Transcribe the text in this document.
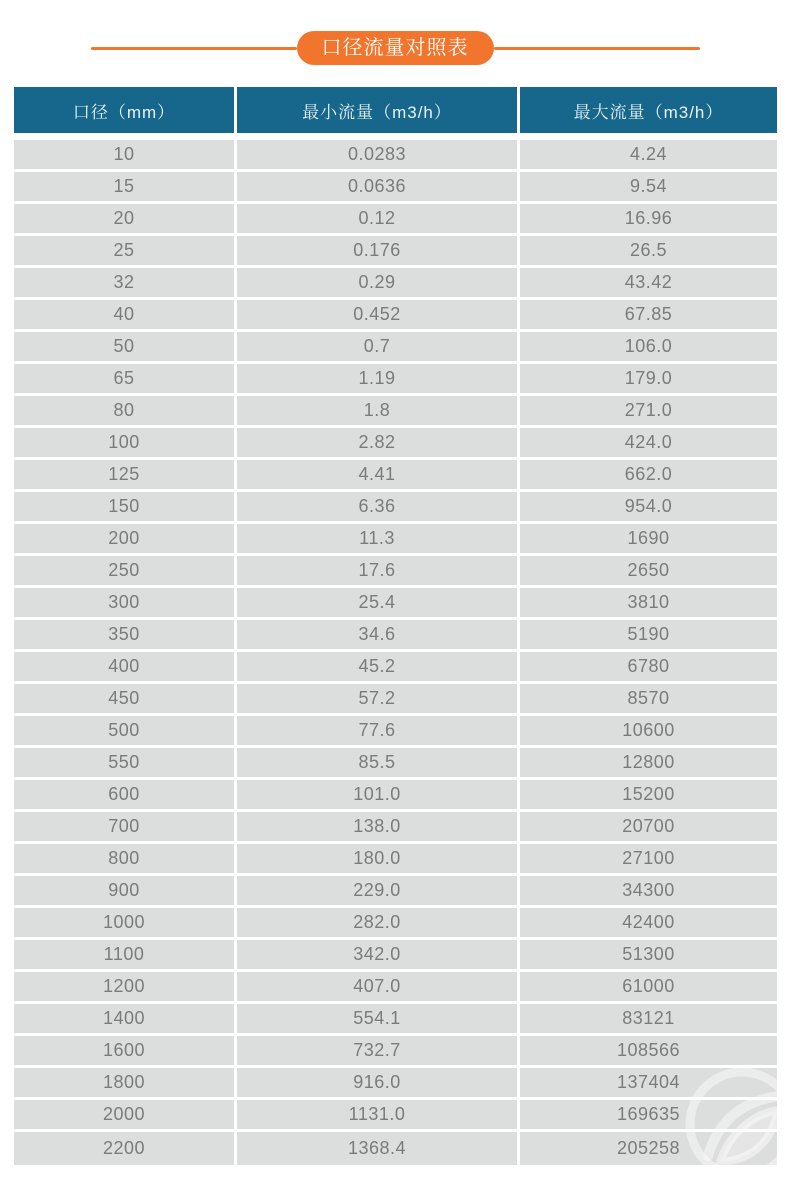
口径流量对照表
口径（mm）	最小流量（m3/h）	最大流量（m3/h）
10	0.0283	4.24
15	0.0636	9.54
20	0.12	16.96
25	0.176	26.5
32	0.29	43.42
40	0.452	67.85
50	0.7	106.0
65	1.19	179.0
80	1.8	271.0
100	2.82	424.0
125	4.41	662.0
150	6.36	954.0
200	11.3	1690
250	17.6	2650
300	25.4	3810
350	34.6	5190
400	45.2	6780
450	57.2	8570
500	77.6	10600
550	85.5	12800
600	101.0	15200
700	138.0	20700
800	180.0	27100
900	229.0	34300
1000	282.0	42400
1100	342.0	51300
1200	407.0	61000
1400	554.1	83121
1600	732.7	108566
1800	916.0	137404
2000	1131.0	169635
2200	1368.4	205258
